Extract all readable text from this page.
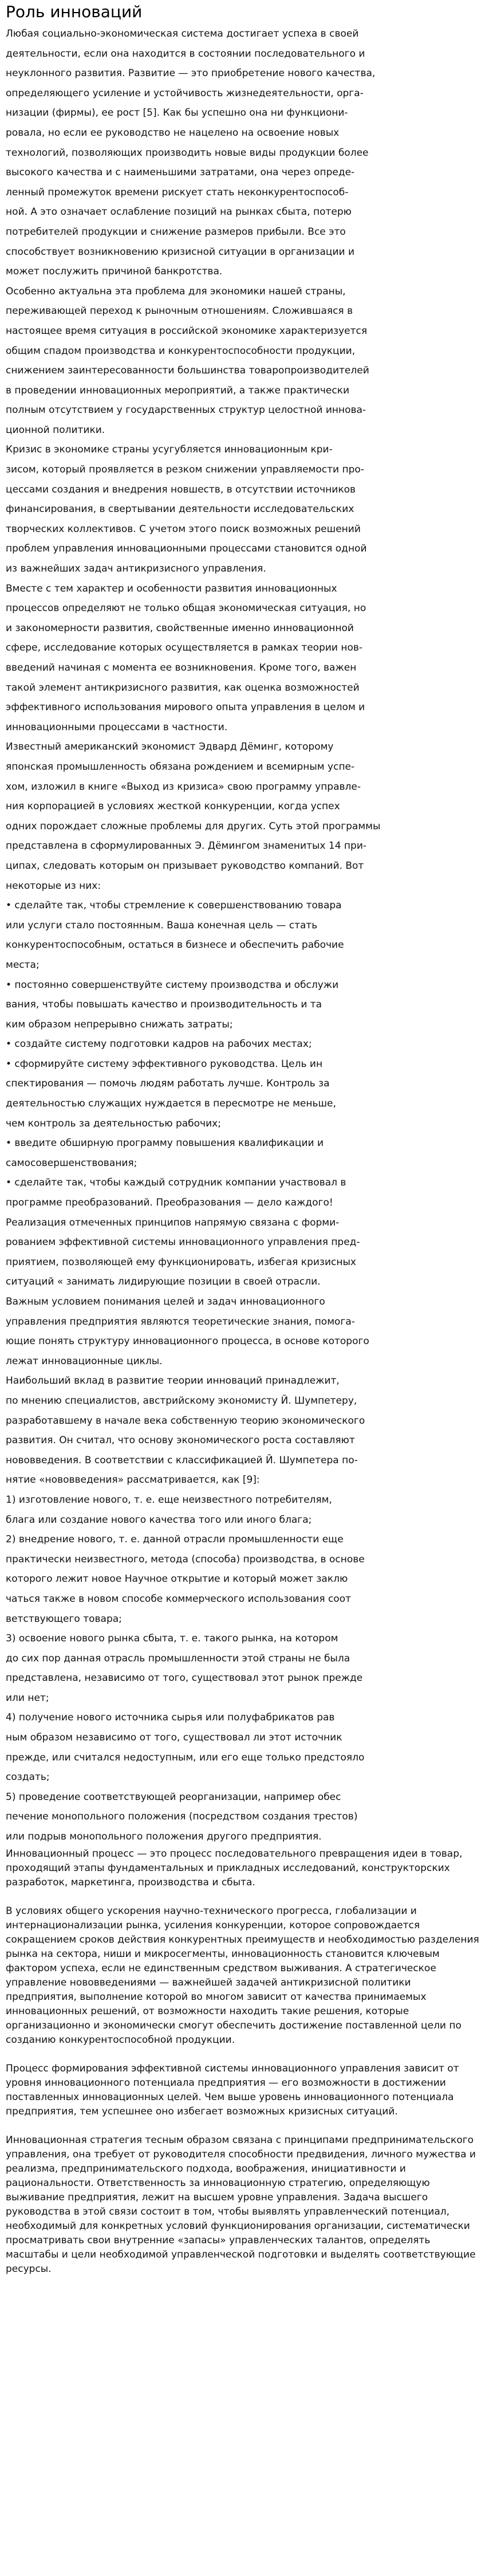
Роль инноваций
Любая социально-экономическая система достигает успеха в своей
деятельности, если она находится в состоянии последовательного и
неуклонного развития. Развитие — это приобретение нового качества,
определяющего усиление и устойчивость жизнедеятельности, орга-
низации (фирмы), ее рост [5]. Как бы успешно она ни функциони-
ровала, но если ее руководство не нацелено на освоение новых
технологий, позволяющих производить новые виды продукции более
высокого качества и с наименьшими затратами, она через опреде-
ленный промежуток времени рискует стать неконкурентоспособ-
ной. А это означает ослабление позиций на рынках сбыта, потерю
потребителей продукции и снижение размеров прибыли. Все это
способствует возникновению кризисной ситуации в организации и
может послужить причиной банкротства.
Особенно актуальна эта проблема для экономики нашей страны,
переживающей переход к рыночным отношениям. Сложившаяся в
настоящее время ситуация в российской экономике характеризуется
общим спадом производства и конкурентоспособности продукции,
снижением заинтересованности большинства товаропроизводителей
в проведении инновационных мероприятий, а также практически
полным отсутствием у государственных структур целостной иннова-
ционной политики.
Кризис в экономике страны усугубляется инновационным кри-
зисом, который проявляется в резком снижении управляемости про-
цессами создания и внедрения новшеств, в отсутствии источников
финансирования, в свертывании деятельности исследовательских
творческих коллективов. С учетом этого поиск возможных решений
проблем управления инновационными процессами становится одной
из важнейших задач антикризисного управления.
Вместе с тем характер и особенности развития инновационных
процессов определяют не только общая экономическая ситуация, но
и закономерности развития, свойственные именно инновационной
сфере, исследование которых осуществляется в рамках теории нов-
введений начиная с момента ее возникновения. Кроме того, важен
такой элемент антикризисного развития, как оценка возможностей
эффективного использования мирового опыта управления в целом и
инновационными процессами в частности.
Известный американский экономист Эдвард Дёминг, которому
японская промышленность обязана рождением и всемирным успе-
хом, изложил в книге «Выход из кризиса» свою программу управле-
ния корпорацией в условиях жесткой конкуренции, когда успех
одних порождает сложные проблемы для других. Суть этой программы
представлена в сформулированных Э. Дёмингом знаменитых 14 при-
ципах, следовать которым он призывает руководство компаний. Вот
некоторые из них:
• сделайте так, чтобы стремление к совершенствованию товара
или услуги стало постоянным. Ваша конечная цель — стать
конкурентоспособным, остаться в бизнесе и обеспечить рабочие
места;
• постоянно совершенствуйте систему производства и обслужи
вания, чтобы повышать качество и производительность и та
ким образом непрерывно снижать затраты;
• создайте систему подготовки кадров на рабочих местах;
• сформируйте систему эффективного руководства. Цель ин
спектирования — помочь людям работать лучше. Контроль за
деятельностью служащих нуждается в пересмотре не меньше,
чем контроль за деятельностью рабочих;
• введите обширную программу повышения квалификации и
самосовершенствования;
• сделайте так, чтобы каждый сотрудник компании участвовал в
программе преобразований. Преобразования — дело каждого!
Реализация отмеченных принципов напрямую связана с форми-
рованием эффективной системы инновационного управления пред-
приятием, позволяющей ему функционировать, избегая кризисных
ситуаций « занимать лидирующие позиции в своей отрасли.
Важным условием понимания целей и задач инновационного
управления предприятия являются теоретические знания, помога-
ющие понять структуру инновационного процесса, в основе которого
лежат инновационные циклы.
Наибольший вклад в развитие теории инноваций принадлежит,
по мнению специалистов, австрийскому экономисту Й. Шумпетеру,
разработавшему в начале века собственную теорию экономического
развития. Он считал, что основу экономического роста составляют
нововведения. В соответствии с классификацией Й. Шумпетера по-
нятие «нововведения» рассматривается, как [9]:
1) изготовление нового, т. е. еще неизвестного потребителям,
блага или создание нового качества того или иного блага;
2) внедрение нового, т. е. данной отрасли промышленности еще
практически неизвестного, метода (способа) производства, в основе
которого лежит новое Научное открытие и который может заклю
чаться также в новом способе коммерческого использования соот
ветствующего товара;
3) освоение нового рынка сбыта, т. е. такого рынка, на котором
до сих пор данная отрасль промышленности этой страны не была
представлена, независимо от того, существовал этот рынок прежде
или нет;
4) получение нового источника сырья или полуфабрикатов рав
ным образом независимо от того, существовал ли этот источник
прежде, или считался недоступным, или его еще только предстояло
создать;
5) проведение соответствующей реорганизации, например обес
печение монопольного положения (посредством создания трестов)
или подрыв монопольного положения другого предприятия.
Инновационный процесс — это процесс последовательного превращения идеи в товар, проходящий этапы фундаментальных и прикладных исследований, конструкторских разработок, маркетинга, производства и сбыта.
В условиях общего ускорения научно-технического прогресса, глобализации и интернационализации рынка, усиления конкуренции, которое сопровождается сокращением сроков действия конкурентных преимуществ и необходимостью разделения рынка на сектора, ниши и микросегменты, инновационность становится ключевым фактором успеха, если не единственным средством выживания. А стратегическое управление нововведениями — важнейшей задачей антикризисной политики предприятия, выполнение которой во многом зависит от качества принимаемых инновационных решений, от возможности находить такие решения, которые организационно и экономически смогут обеспечить достижение поставленной цели по созданию конкурентоспособной продукции.
Процесс формирования эффективной системы инновационного управления зависит от уровня инновационного потенциала предприятия — его возможности в достижении поставленных инновационных целей. Чем выше уровень инновационного потенциала предприятия, тем успешнее оно избегает возможных кризисных ситуаций.
Инновационная стратегия тесным образом связана с принципами предпринимательского управления, она требует от руководителя способности предвидения, личного мужества и реализма, предпринимательского подхода, воображения, инициативности и рациональности. Ответственность за инновационную стратегию, определяющую выживание предприятия, лежит на высшем уровне управления. Задача высшего руководства в этой связи состоит в том, чтобы выявлять управленческий потенциал, необходимый для конкретных условий функционирования организации, систематически просматривать свои внутренние «запасы» управленческих талантов, определять масштабы и цели необходимой управленческой подготовки и выделять соответствующие ресурсы.
